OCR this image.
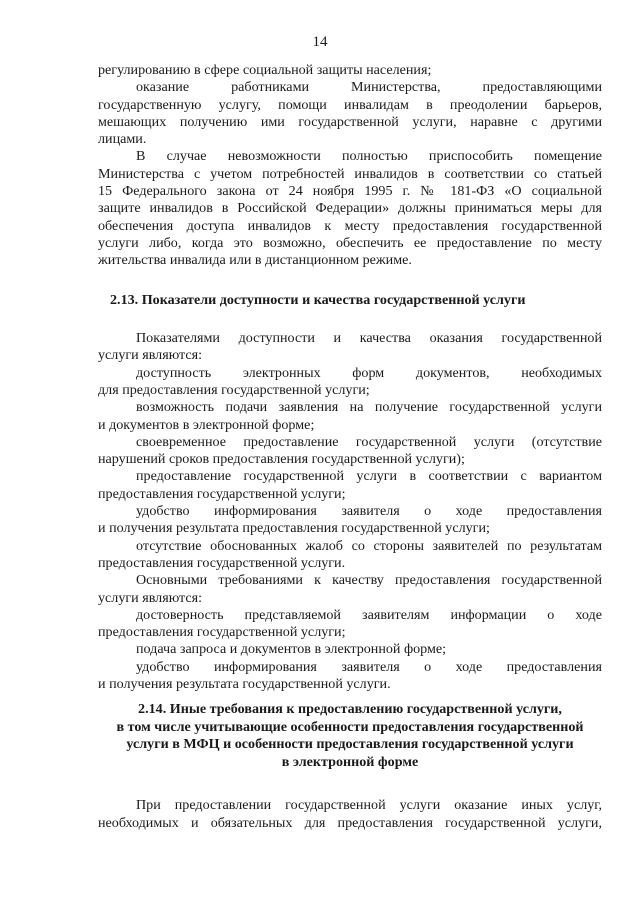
14

регулированию в сфере социальной защиты населения;

оказание работниками Министерства, предоставляющими

государственную услугу, помощи инвалидам в преодолении барьеров,

мешающих получению ими государственной услуги, наравне с другими

лицами.

В случае невозможности полностью приспособить помещение

Министерства с учетом потребностей инвалидов в соответствии со статьей

15 Федерального закона от 24 ноября 1995 г. № 181-ФЗ «О социальной

защите инвалидов в Российской Федерации» должны приниматься меры для

обеспечения доступа инвалидов к месту предоставления государственной

услуги либо, когда это возможно, обеспечить ее предоставление по месту

жительства инвалида или в дистанционном режиме.

2.13. Показатели доступности и качества государственной услуги

Показателями доступности и качества оказания государственной

услуги являются:

доступность электронных форм документов, необходимых

для предоставления государственной услуги;

возможность подачи заявления на получение государственной услуги

и документов в электронной форме;

своевременное предоставление государственной услуги (отсутствие

нарушений сроков предоставления государственной услуги);

предоставление государственной услуги в соответствии с вариантом

предоставления государственной услуги;

удобство информирования заявителя о ходе предоставления

и получения результата предоставления государственной услуги;

отсутствие обоснованных жалоб со стороны заявителей по результатам

предоставления государственной услуги.

Основными требованиями к качеству предоставления государственной

услуги являются:

достоверность представляемой заявителям информации о ходе

предоставления государственной услуги;

подача запроса и документов в электронной форме;

удобство информирования заявителя о ходе предоставления

и получения результата государственной услуги.

2.14. Иные требования к предоставлению государственной услуги,
в том числе учитывающие особенности предоставления государственной
услуги в МФЦ и особенности предоставления государственной услуги
в электронной форме

При предоставлении государственной услуги оказание иных услуг,

необходимых и обязательных для предоставления государственной услуги,
